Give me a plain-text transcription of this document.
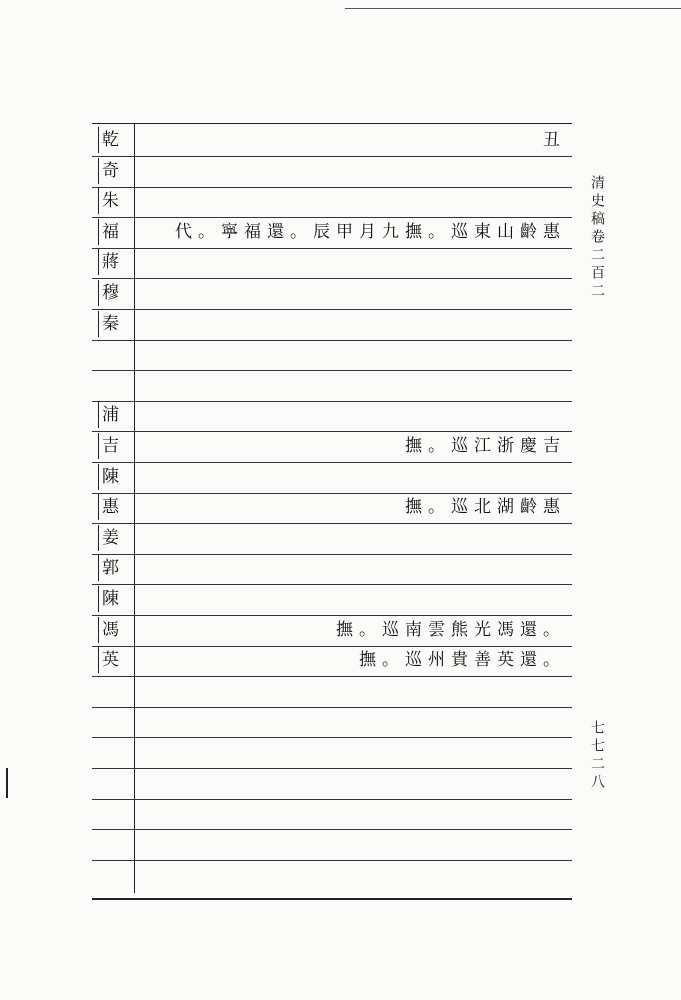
乾	丑
奇
朱
福	代。寧福還。辰甲月九撫。巡東山齡惠
蔣
穆
秦
浦
吉	撫。巡江浙慶吉
陳
惠	撫。巡北湖齡惠
姜
郭
陳
馮	撫。巡南雲熊光馮還。
英	撫。巡州貴善英還。
清史稿卷二百二
七七二八
